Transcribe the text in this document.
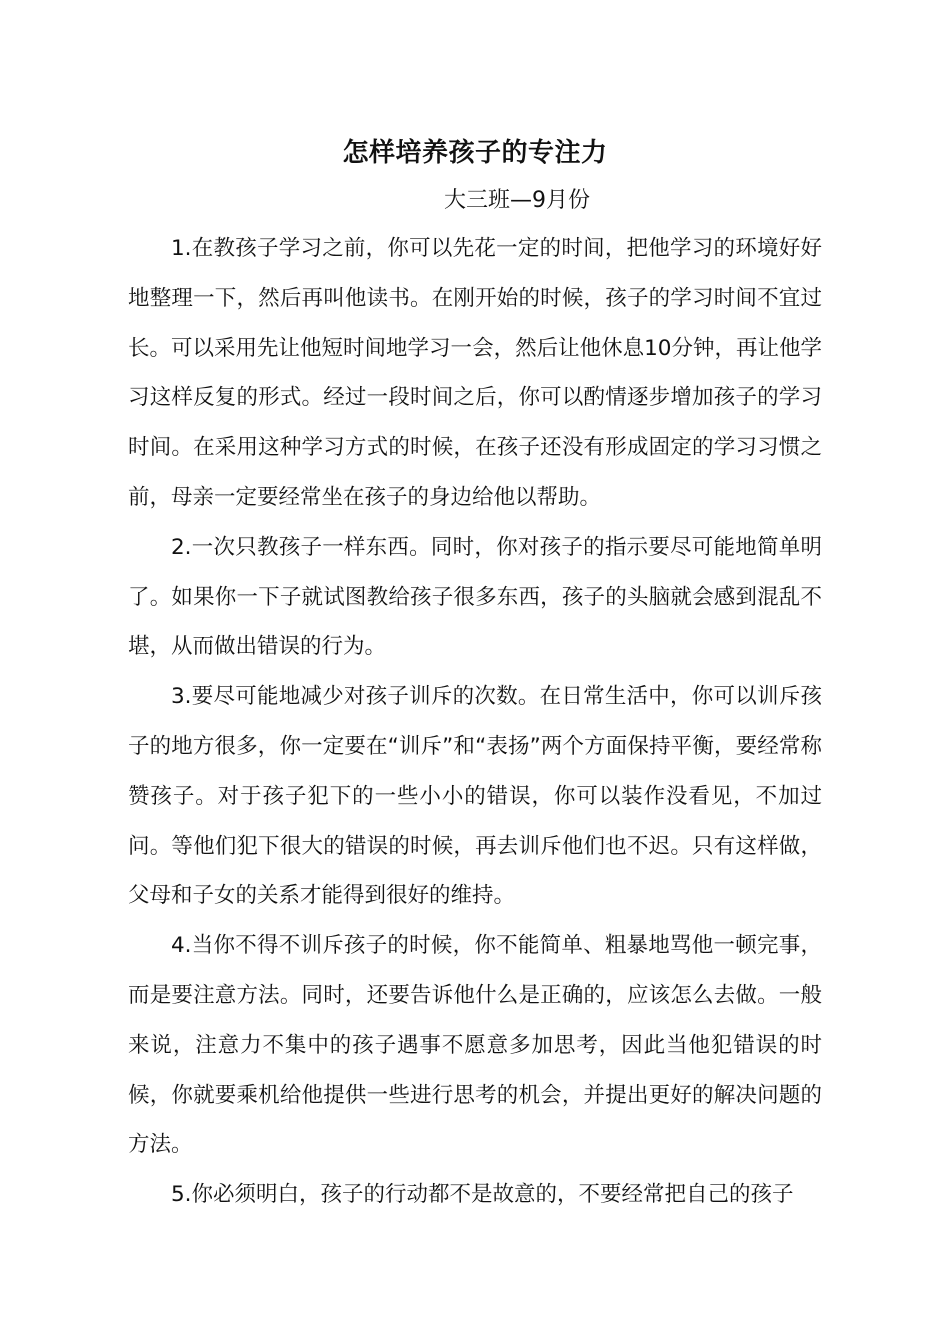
怎样培养孩子的专注力
大三班—9月份

1.在教孩子学习之前，你可以先花一定的时间，把他学习的环境好好地整理一下，然后再叫他读书。在刚开始的时候，孩子的学习时间不宜过长。可以采用先让他短时间地学习一会，然后让他休息10分钟，再让他学习这样反复的形式。经过一段时间之后，你可以酌情逐步增加孩子的学习时间。在采用这种学习方式的时候，在孩子还没有形成固定的学习习惯之前，母亲一定要经常坐在孩子的身边给他以帮助。

2.一次只教孩子一样东西。同时，你对孩子的指示要尽可能地简单明了。如果你一下子就试图教给孩子很多东西，孩子的头脑就会感到混乱不堪，从而做出错误的行为。

3.要尽可能地减少对孩子训斥的次数。在日常生活中，你可以训斥孩子的地方很多，你一定要在“训斥”和“表扬”两个方面保持平衡，要经常称赞孩子。对于孩子犯下的一些小小的错误，你可以装作没看见，不加过问。等他们犯下很大的错误的时候，再去训斥他们也不迟。只有这样做，父母和子女的关系才能得到很好的维持。

4.当你不得不训斥孩子的时候，你不能简单、粗暴地骂他一顿完事，而是要注意方法。同时，还要告诉他什么是正确的，应该怎么去做。一般来说，注意力不集中的孩子遇事不愿意多加思考，因此当他犯错误的时候，你就要乘机给他提供一些进行思考的机会，并提出更好的解决问题的方法。

5.你必须明白，孩子的行动都不是故意的，不要经常把自己的孩子
